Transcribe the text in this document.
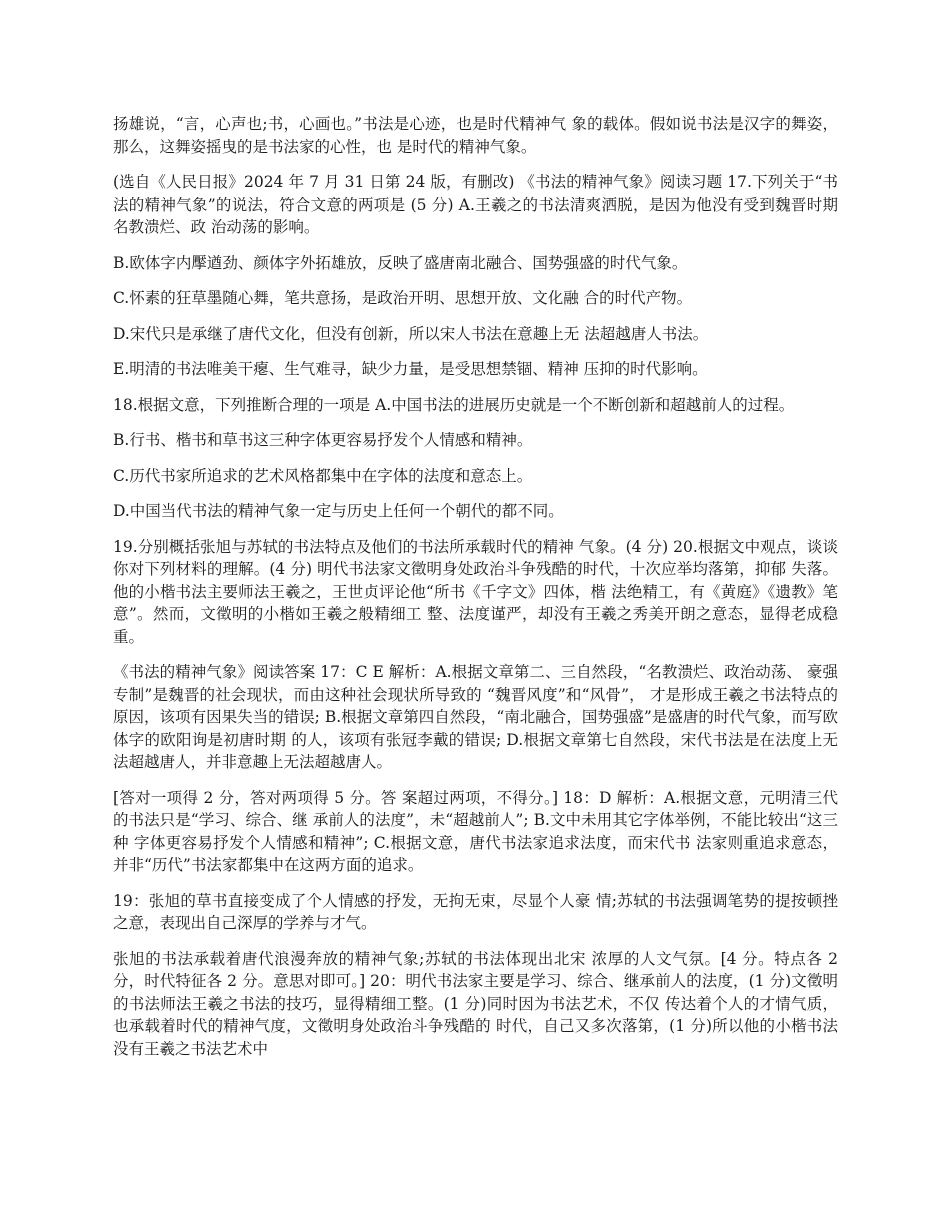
扬雄说，“言，心声也;书，心画也。”书法是心迹，也是时代精神气 象的载体。假如说书法是汉字的舞姿，那么，这舞姿摇曳的是书法家的心性，也 是时代的精神气象。

(选自《人民日报》2024 年 7 月 31 日第 24 版，有删改) 《书法的精神气象》阅读习题 17.下列关于“书法的精神气象”的说法，符合文意的两项是 (5 分) A.王羲之的书法清爽洒脱，是因为他没有受到魏晋时期名教溃烂、政 治动荡的影响。

B.欧体字内擪遒劲、颜体字外拓雄放，反映了盛唐南北融合、国势强盛的时代气象。

C.怀素的狂草墨随心舞，笔共意扬，是政治开明、思想开放、文化融 合的时代产物。

D.宋代只是承继了唐代文化，但没有创新，所以宋人书法在意趣上无 法超越唐人书法。

E.明清的书法唯美干瘪、生气难寻，缺少力量，是受思想禁锢、精神 压抑的时代影响。

18.根据文意，下列推断合理的一项是 A.中国书法的进展历史就是一个不断创新和超越前人的过程。

B.行书、楷书和草书这三种字体更容易抒发个人情感和精神。

C.历代书家所追求的艺术风格都集中在字体的法度和意态上。

D.中国当代书法的精神气象一定与历史上任何一个朝代的都不同。

19.分别概括张旭与苏轼的书法特点及他们的书法所承载时代的精神 气象。(4 分) 20.根据文中观点，谈谈你对下列材料的理解。(4 分) 明代书法家文徵明身处政治斗争残酷的时代，十次应举均落第，抑郁 失落。他的小楷书法主要师法王羲之，王世贞评论他“所书《千字文》四体，楷 法绝精工，有《黄庭》《遗教》笔意”。然而，文徵明的小楷如王羲之般精细工 整、法度谨严，却没有王羲之秀美开朗之意态，显得老成稳重。

《书法的精神气象》阅读答案 17：C E 解析：A.根据文章第二、三自然段，“名教溃烂、政治动荡、 豪强专制”是魏晋的社会现状，而由这种社会现状所导致的 “魏晋风度”和“风骨”， 才是形成王羲之书法特点的原因，该项有因果失当的错误; B.根据文章第四自然段，“南北融合，国势强盛”是盛唐的时代气象，而写欧体字的欧阳询是初唐时期 的人，该项有张冠李戴的错误; D.根据文章第七自然段，宋代书法是在法度上无法超越唐人，并非意趣上无法超越唐人。

[答对一项得 2 分，答对两项得 5 分。答 案超过两项，不得分。] 18：D 解析：A.根据文意，元明清三代的书法只是“学习、综合、继 承前人的法度”，未“超越前人”; B.文中未用其它字体举例，不能比较出“这三种 字体更容易抒发个人情感和精神”; C.根据文意，唐代书法家追求法度，而宋代书 法家则重追求意态，并非“历代”书法家都集中在这两方面的追求。

19：张旭的草书直接变成了个人情感的抒发，无拘无束，尽显个人豪 情;苏轼的书法强调笔势的提按顿挫之意，表现出自己深厚的学养与才气。

张旭的书法承载着唐代浪漫奔放的精神气象;苏轼的书法体现出北宋 浓厚的人文气氛。[4 分。特点各 2 分，时代特征各 2 分。意思对即可。] 20：明代书法家主要是学习、综合、继承前人的法度，(1 分)文徵明 的书法师法王羲之书法的技巧，显得精细工整。(1 分)同时因为书法艺术，不仅 传达着个人的才情气质，也承载着时代的精神气度，文徵明身处政治斗争残酷的 时代，自己又多次落第，(1 分)所以他的小楷书法没有王羲之书法艺术中
